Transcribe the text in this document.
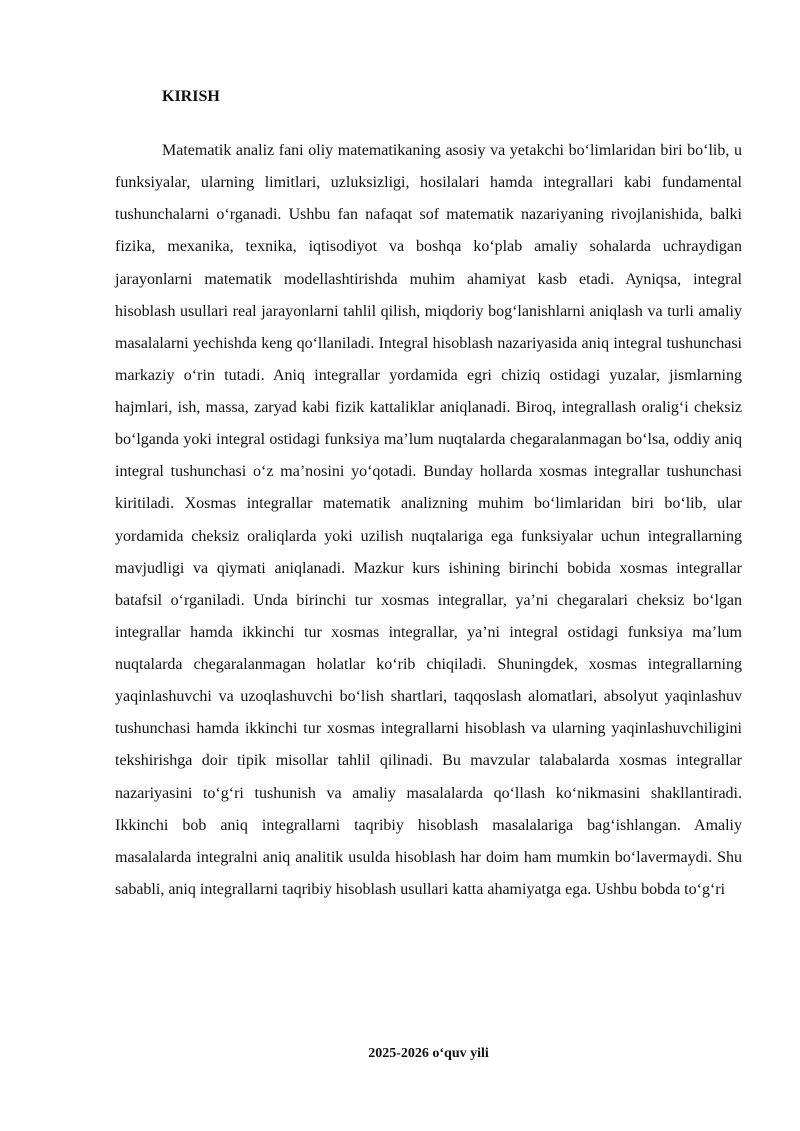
KIRISH

Matematik analiz fani oliy matematikaning asosiy va yetakchi bo‘limlaridan biri bo‘lib, u funksiyalar, ularning limitlari, uzluksizligi, hosilalari hamda integrallari kabi fundamental tushunchalarni o‘rganadi. Ushbu fan nafaqat sof matematik nazariyaning rivojlanishida, balki fizika, mexanika, texnika, iqtisodiyot va boshqa ko‘plab amaliy sohalarda uchraydigan jarayonlarni matematik modellashtirishda muhim ahamiyat kasb etadi. Ayniqsa, integral hisoblash usullari real jarayonlarni tahlil qilish, miqdoriy bog‘lanishlarni aniqlash va turli amaliy masalalarni yechishda keng qo‘llaniladi. Integral hisoblash nazariyasida aniq integral tushunchasi markaziy o‘rin tutadi. Aniq integrallar yordamida egri chiziq ostidagi yuzalar, jismlarning hajmlari, ish, massa, zaryad kabi fizik kattaliklar aniqlanadi. Biroq, integrallash oralig‘i cheksiz bo‘lganda yoki integral ostidagi funksiya ma’lum nuqtalarda chegaralanmagan bo‘lsa, oddiy aniq integral tushunchasi o‘z ma’nosini yo‘qotadi. Bunday hollarda xosmas integrallar tushunchasi kiritiladi. Xosmas integrallar matematik analizning muhim bo‘limlaridan biri bo‘lib, ular yordamida cheksiz oraliqlarda yoki uzilish nuqtalariga ega funksiyalar uchun integrallarning mavjudligi va qiymati aniqlanadi. Mazkur kurs ishining birinchi bobida xosmas integrallar batafsil o‘rganiladi. Unda birinchi tur xosmas integrallar, ya’ni chegaralari cheksiz bo‘lgan integrallar hamda ikkinchi tur xosmas integrallar, ya’ni integral ostidagi funksiya ma’lum nuqtalarda chegaralanmagan holatlar ko‘rib chiqiladi. Shuningdek, xosmas integrallarning yaqinlashuvchi va uzoqlashuvchi bo‘lish shartlari, taqqoslash alomatlari, absolyut yaqinlashuv tushunchasi hamda ikkinchi tur xosmas integrallarni hisoblash va ularning yaqinlashuvchiligini tekshirishga doir tipik misollar tahlil qilinadi. Bu mavzular talabalarda xosmas integrallar nazariyasini to‘g‘ri tushunish va amaliy masalalarda qo‘llash ko‘nikmasini shakllantiradi. Ikkinchi bob aniq integrallarni taqribiy hisoblash masalalariga bag‘ishlangan. Amaliy masalalarda integralni aniq analitik usulda hisoblash har doim ham mumkin bo‘lavermaydi. Shu sababli, aniq integrallarni taqribiy hisoblash usullari katta ahamiyatga ega. Ushbu bobda to‘g‘ri

2025-2026 o‘quv yili
